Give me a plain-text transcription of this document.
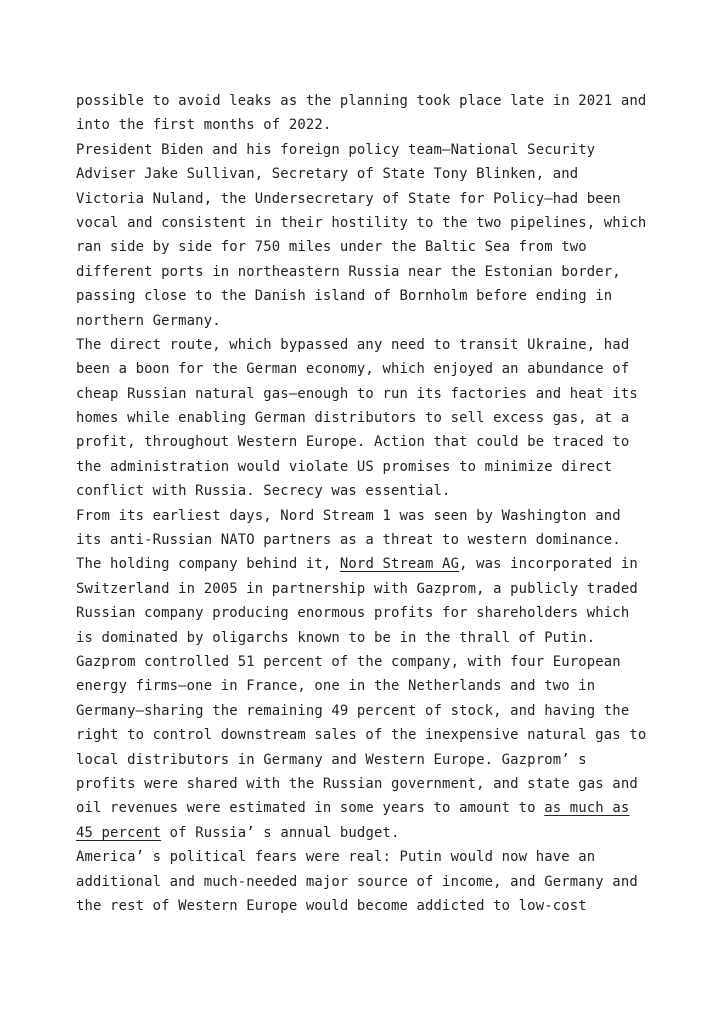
possible to avoid leaks as the planning took place late in 2021 and
into the first months of 2022.
President Biden and his foreign policy team—National Security
Adviser Jake Sullivan, Secretary of State Tony Blinken, and
Victoria Nuland, the Undersecretary of State for Policy—had been
vocal and consistent in their hostility to the two pipelines, which
ran side by side for 750 miles under the Baltic Sea from two
different ports in northeastern Russia near the Estonian border,
passing close to the Danish island of Bornholm before ending in
northern Germany.
The direct route, which bypassed any need to transit Ukraine, had
been a boon for the German economy, which enjoyed an abundance of
cheap Russian natural gas—enough to run its factories and heat its
homes while enabling German distributors to sell excess gas, at a
profit, throughout Western Europe. Action that could be traced to
the administration would violate US promises to minimize direct
conflict with Russia. Secrecy was essential.
From its earliest days, Nord Stream 1 was seen by Washington and
its anti-Russian NATO partners as a threat to western dominance.
The holding company behind it, Nord Stream AG, was incorporated in
Switzerland in 2005 in partnership with Gazprom, a publicly traded
Russian company producing enormous profits for shareholders which
is dominated by oligarchs known to be in the thrall of Putin.
Gazprom controlled 51 percent of the company, with four European
energy firms—one in France, one in the Netherlands and two in
Germany—sharing the remaining 49 percent of stock, and having the
right to control downstream sales of the inexpensive natural gas to
local distributors in Germany and Western Europe. Gazprom’ s
profits were shared with the Russian government, and state gas and
oil revenues were estimated in some years to amount to as much as
45 percent of Russia’ s annual budget.
America’ s political fears were real: Putin would now have an
additional and much-needed major source of income, and Germany and
the rest of Western Europe would become addicted to low-cost
